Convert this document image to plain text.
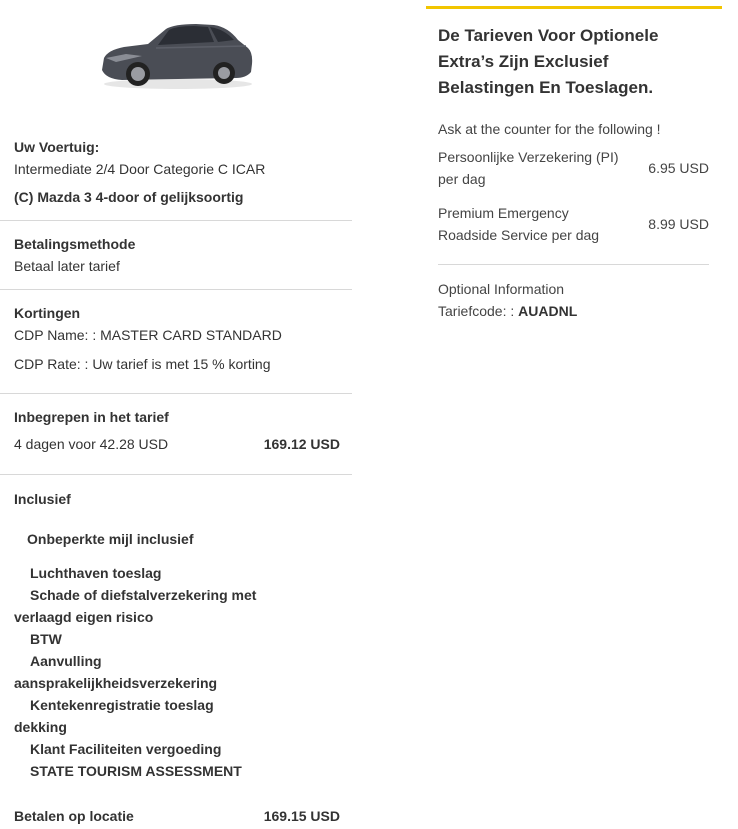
Uw Voertuig:
Intermediate 2/4 Door Categorie C ICAR
(C) Mazda 3 4-door of gelijksoortig
Betalingsmethode
Betaal later tarief
Kortingen
CDP Name: : MASTER CARD STANDARD
CDP Rate: : Uw tarief is met 15 % korting
Inbegrepen in het tarief
4 dagen voor 42.28 USD	169.12 USD
Inclusief
Onbeperkte mijl inclusief
Luchthaven toeslag
Schade of diefstalverzekering met verlaagd eigen risico
BTW
Aanvulling aansprakelijkheidsverzekering
Kentekenregistratie toeslag dekking
Klant Faciliteiten vergoeding
STATE TOURISM ASSESSMENT
Betalen op locatie	169.15 USD
De Tarieven Voor Optionele Extra’s Zijn Exclusief Belastingen En Toeslagen.
Ask at the counter for the following !
Persoonlijke Verzekering (PI) per dag
6.95 USD
Premium Emergency Roadside Service per dag
8.99 USD
Optional Information
Tariefcode: : AUADNL
